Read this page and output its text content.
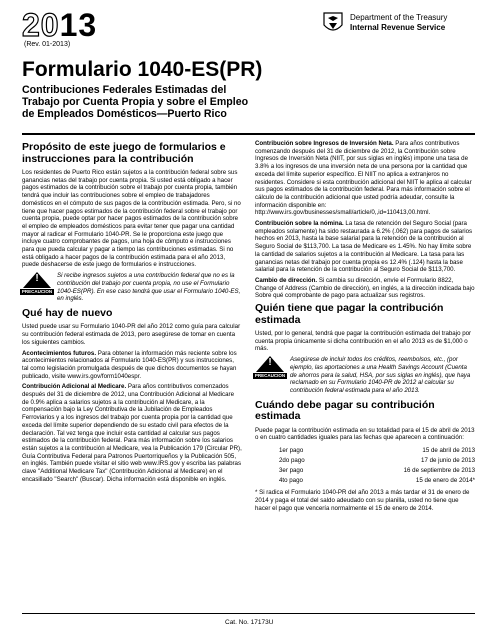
2013
(Rev. 01-2013)
Formulario 1040-ES(PR)
Contribuciones Federales Estimadas del Trabajo por Cuenta Propia y sobre el Empleo de Empleados Domésticos—Puerto Rico
Department of the Treasury
Internal Revenue Service
Propósito de este juego de formularios e instrucciones para la contribución

Los residentes de Puerto Rico están sujetos a la contribución federal sobre sus ganancias netas del trabajo por cuenta propia. Si usted está obligado a hacer pagos estimados de la contribución sobre el trabajo por cuenta propia, también tendrá que incluir las contribuciones sobre el empleo de trabajadores domésticos en el cómputo de sus pagos de la contribución estimada. Pero, si no tiene que hacer pagos estimados de la contribución federal sobre el trabajo por cuenta propia, puede optar por hacer pagos estimados de la contribución sobre el empleo de empleados domésticos para evitar tener que pagar una cantidad mayor al radicar el Formulario 1040-PR. Se le proporciona este juego que incluye cuatro comprobantes de pagos, una hoja de cómputo e instrucciones para que pueda calcular y pagar a tiempo las contribuciones estimadas. Si no está obligado a hacer pagos de la contribución estimada para el año 2013, puede deshacerse de este juego de formularios e instrucciones.

!
PRECAUCION
Si recibe ingresos sujetos a una contribución federal que no es la contribución del trabajo por cuenta propia, no use el Formulario 1040-ES(PR). En ese caso tendrá que usar el Formulario 1040-ES, en inglés.
Qué hay de nuevo

Usted puede usar su Formulario 1040-PR del año 2012 como guía para calcular su contribución federal estimada de 2013, pero asegúrese de tomar en cuenta los siguientes cambios.

Acontecimientos futuros. Para obtener la información más reciente sobre los acontecimientos relacionados al Formulario 1040-ES(PR) y sus instrucciones, tal como legislación promulgada después de que dichos documentos se hayan publicado, visite www.irs.gov/form1040espr.

Contribución Adicional al Medicare. Para años contributivos comenzados después del 31 de diciembre de 2012, una Contribución Adicional al Medicare de 0.9% aplica a salarios sujetos a la contribución al Medicare, a la compensación bajo la Ley Contributiva de la Jubilación de Empleados Ferroviarios y a los ingresos del trabajo por cuenta propia por la cantidad que exceda del límite superior dependiendo de su estado civil para efectos de la declaración. Tal vez tenga que incluir esta cantidad al calcular sus pagos estimados de la contribución federal. Para más información sobre los salarios están sujetos a la contribución al Medicare, vea la Publicación 179 (Circular PR), Guía Contributiva Federal para Patronos Puertorriqueños y la Publicación 505, en inglés. También puede visitar el sitio web www.IRS.gov y escriba las palabras clave "Additional Medicare Tax" (Contribución Adicional al Medicare) en el encasillado "Search" (Buscar). Dicha información está disponible en inglés.

Contribución sobre Ingresos de Inversión Neta. Para años contributivos comenzando después del 31 de diciembre de 2012, la Contribución sobre Ingresos de Inversión Neta (NIIT, por sus siglas en inglés) impone una tasa de 3.8% a los ingresos de una inversión neta de una persona por la cantidad que exceda del límite superior específico. El NIIT no aplica a extranjeros no residentes. Considere si esta contribución adicional del NIIT le aplica al calcular sus pagos estimados de la contribución federal. Para más información sobre el cálculo de la contribución adicional que usted podría adeudar, consulte la información disponible en: http://www.irs.gov/businesses/small/article/0,,id=110413,00.html.

Contribución sobre la nómina. La tasa de retención del Seguro Social (para empleados solamente) ha sido restaurada a 6.2% (.062) para pagos de salarios hechos en 2013, hasta la base salarial para la retención de la contribución al Seguro Social de $113,700. La tasa de Medicare es 1.45%. No hay límite sobre la cantidad de salarios sujetos a la contribución al Medicare. La tasa para las ganancias netas del trabajo por cuenta propia es 12.4% (.124) hasta la base salarial para la retención de la contribución al Seguro Social de $113,700.

Cambio de dirección. Si cambia su dirección, envíe el Formulario 8822, Change of Address (Cambio de dirección), en inglés, a la dirección indicada bajo Sobre qué comprobante de pago para actualizar sus registros.

Quién tiene que pagar la contribución estimada

Usted, por lo general, tendrá que pagar la contribución estimada del trabajo por cuenta propia únicamente si dicha contribución en el año 2013 es de $1,000 o más.

!
PRECAUCION
Asegúrese de incluir todos los créditos, reembolsos, etc., (por ejemplo, las aportaciones a una Health Savings Account (Cuenta de ahorros para la salud, HSA, por sus siglas en inglés), que haya reclamado en su Formulario 1040-PR de 2012 al calcular su contribución federal estimada para el año 2013.
Cuándo debe pagar su contribución estimada

Puede pagar la contribución estimada en su totalidad para el 15 de abril de 2013 o en cuatro cantidades iguales para las fechas que aparecen a continuación:

1er pago	15 de abril de 2013
2do pago	17 de junio de 2013
3er pago	16 de septiembre de 2013
4to pago	15 de enero de 2014*

* Si radica el Formulario 1040-PR del año 2013 a más tardar el 31 de enero de 2014 y paga el total del saldo adeudado con su planilla, usted no tiene que hacer el pago que vencería normalmente el 15 de enero de 2014.

Cat. No. 17173U
